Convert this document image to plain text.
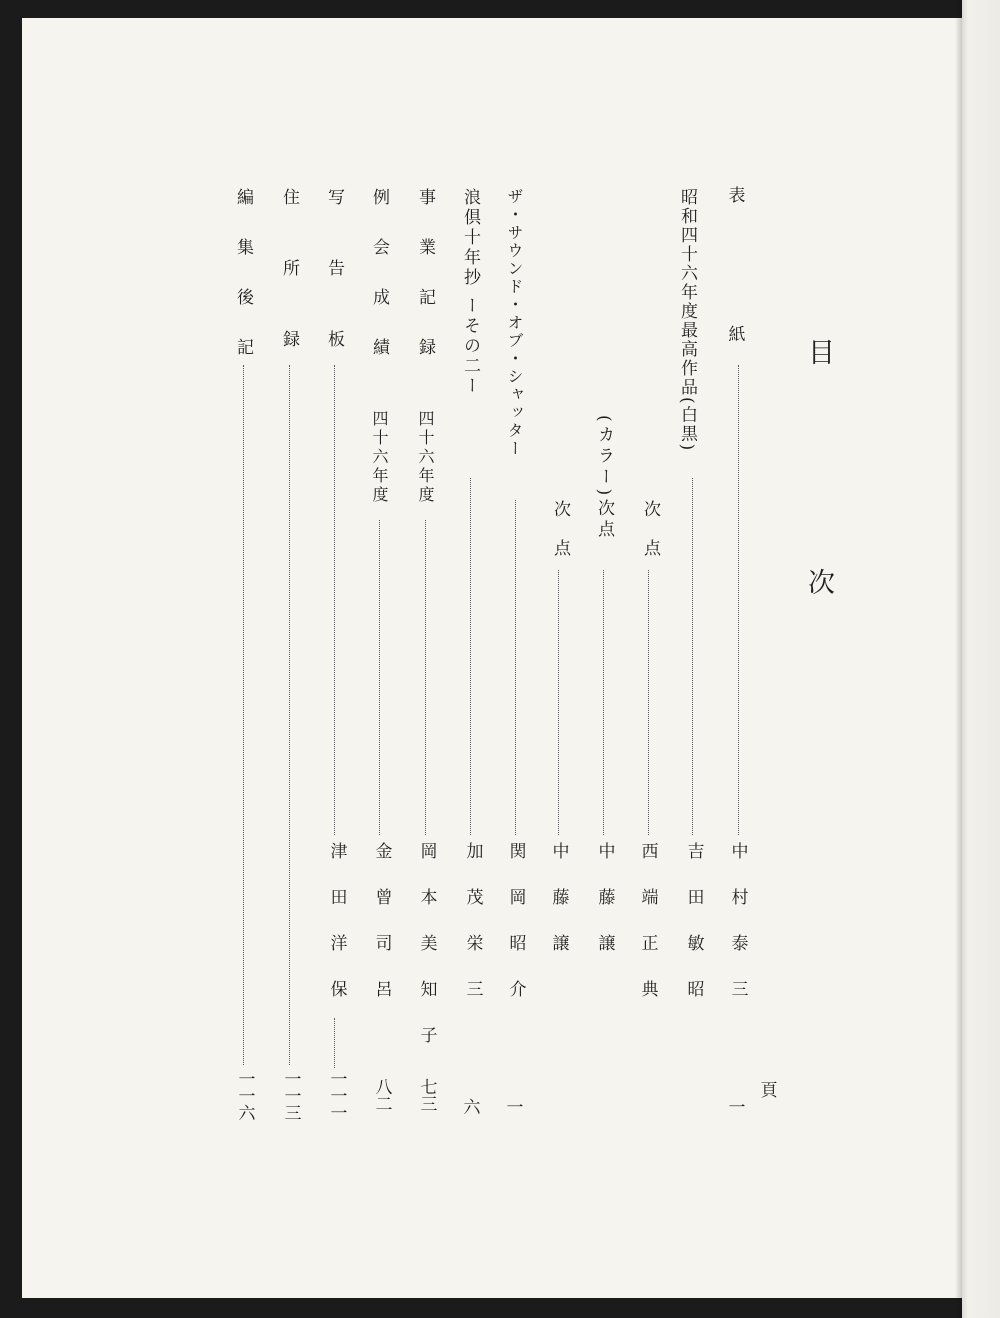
目
次
頁
表
紙
中村泰三
昭和四十六年度最高作品(白黒)
吉田敏昭
次点
西端正典
(カラー)次点
中藤譲
次点
中藤譲
ザ・サウンド・オブ・シャッター
関岡昭介
一
浪倶十年抄 ーその二ー
加茂栄三
六
事業記録
四十六年度
岡本美知子
七三
例会成績
四十六年度
金曾司呂
八二
写告板
津田洋保
一一一
住所録
一一三
編集後記
一一六	一
